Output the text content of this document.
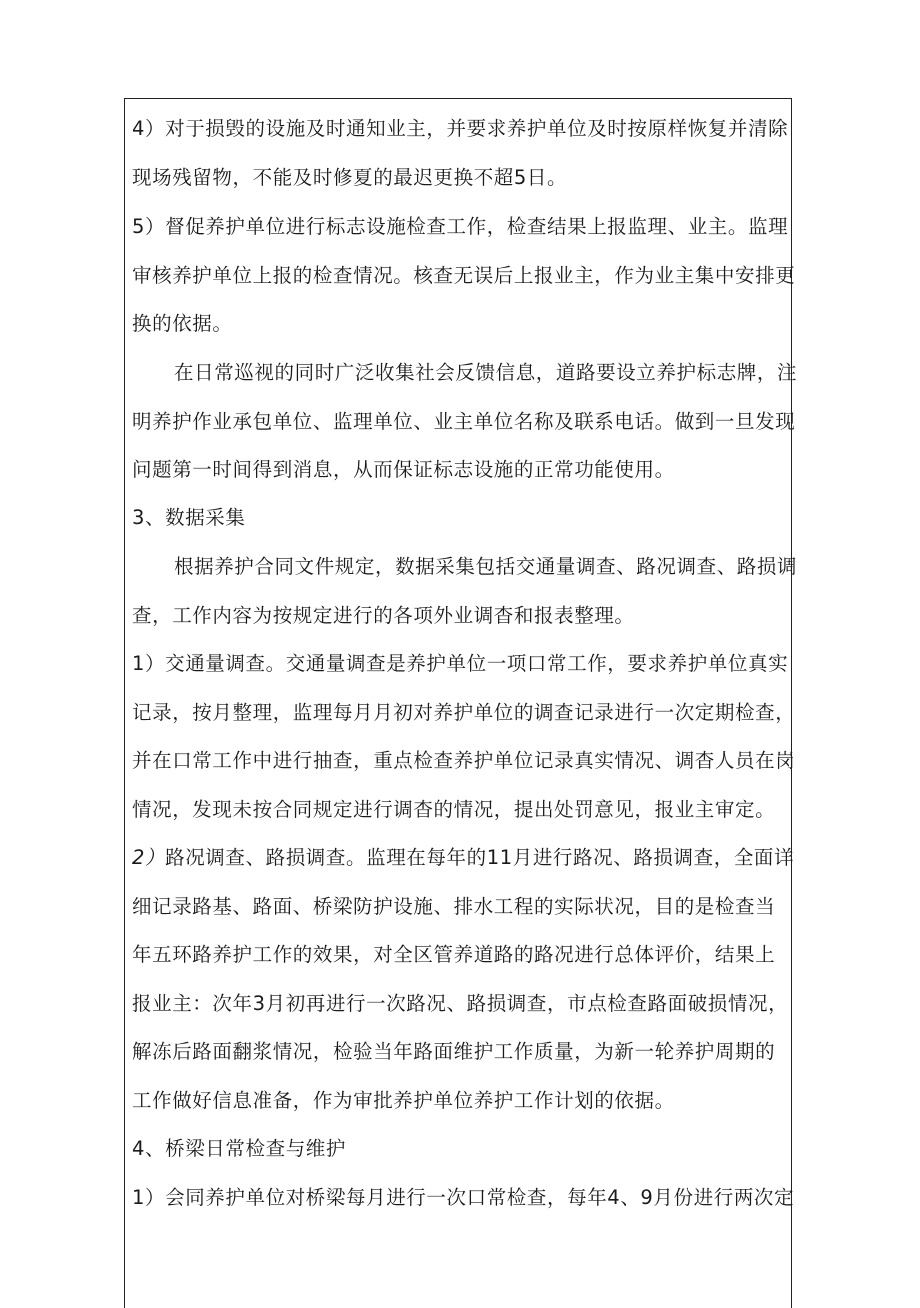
4）对于损毁的设施及时通知业主，并要求养护单位及时按原样恢复并清除
现场残留物，不能及时修夏的最迟更换不超5日。
5）督促养护单位进行标志设施检查工作，检查结果上报监理、业主。监理
审核养护单位上报的检查情况。核查无误后上报业主，作为业主集中安排更
换的依据。
在日常巡视的同时广泛收集社会反馈信息，道路要设立养护标志牌，注
明养护作业承包单位、监理单位、业主单位名称及联系电话。做到一旦发现
问题第一时间得到消息，从而保证标志设施的正常功能使用。
3、数据采集
根据养护合同文件规定，数据采集包括交通量调查、路况调查、路损调
查，工作内容为按规定进行的各项外业调杳和报表整理。
1）交通量调查。交通量调查是养护单位一项口常工作，要求养护单位真实
记录，按月整理，监理每月月初对养护单位的调查记录进行一次定期检查，
并在口常工作中进行抽查，重点检查养护单位记录真实情况、调杳人员在岗
情况，发现未按合同规定进行调杳的情况，提出处罚意见，报业主审定。
2）路况调查、路损调查。监理在每年的11月进行路况、路损调查，全面详
细记录路基、路面、桥梁防护设施、排水工程的实际状况，目的是检查当
年五环路养护工作的效果，对全区管养道路的路况进行总体评价，结果上
报业主：次年3月初再进行一次路况、路损调查，市点检查路面破损情况，
解冻后路面翻浆情况，检验当年路面维护工作质量，为新一轮养护周期的
工作做好信息准备，作为审批养护单位养护工作计划的依据。
4、桥梁日常检查与维护
1）会同养护单位对桥梁每月进行一次口常检查，每年4、9月份进行两次定
